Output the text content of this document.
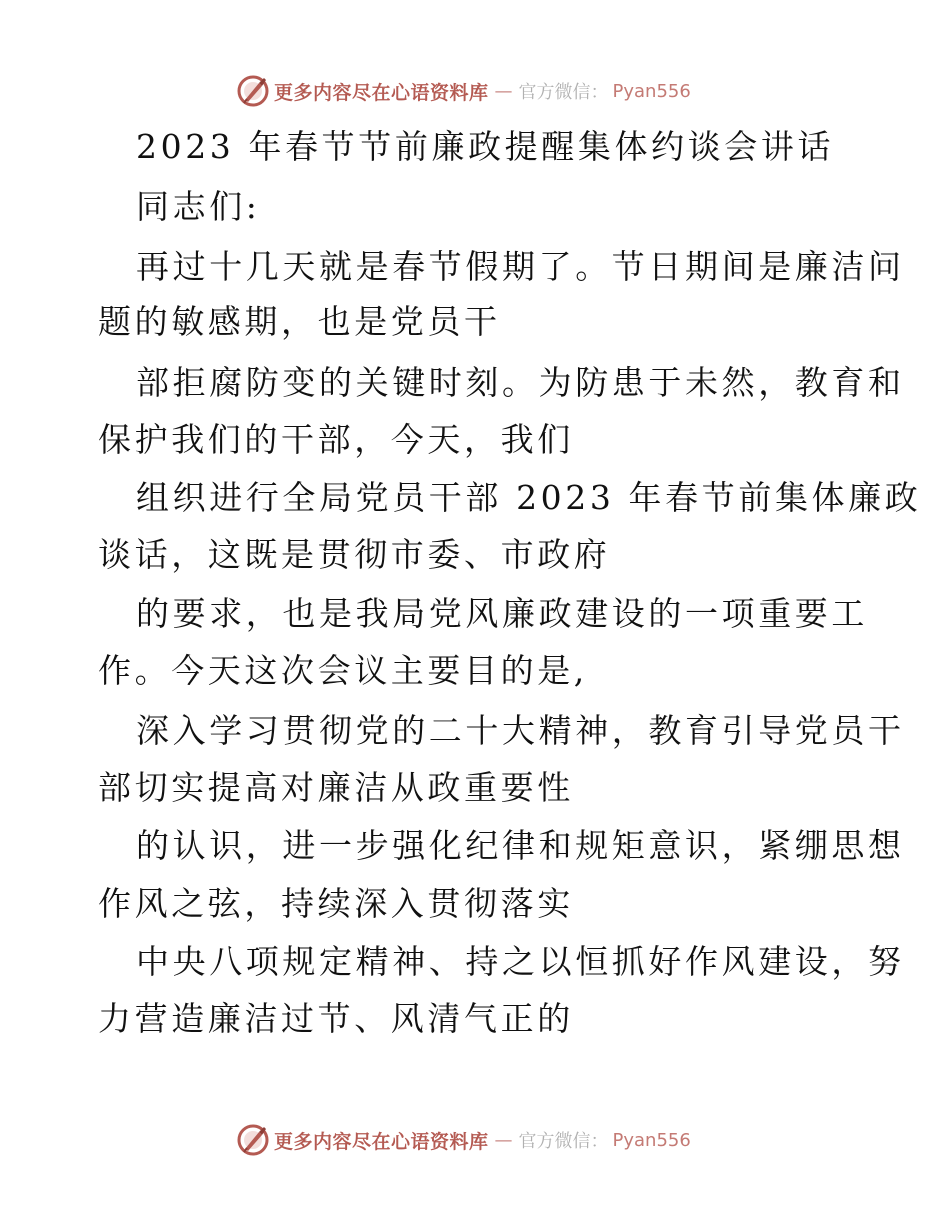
更多内容尽在心语资料库 — 官方微信： Pyan556
2023 年春节节前廉政提醒集体约谈会讲话
同志们:
再过十几天就是春节假期了。节日期间是廉洁问
题的敏感期，也是党员干
部拒腐防变的关键时刻。为防患于未然，教育和
保护我们的干部，今天，我们
组织进行全局党员干部 2023 年春节前集体廉政
谈话，这既是贯彻市委、市政府
的要求，也是我局党风廉政建设的一项重要工
作。今天这次会议主要目的是,
深入学习贯彻党的二十大精神，教育引导党员干
部切实提高对廉洁从政重要性
的认识，进一步强化纪律和规矩意识，紧绷思想
作风之弦，持续深入贯彻落实
中央八项规定精神、持之以恒抓好作风建设，努
力营造廉洁过节、风清气正的
更多内容尽在心语资料库 — 官方微信： Pyan556
